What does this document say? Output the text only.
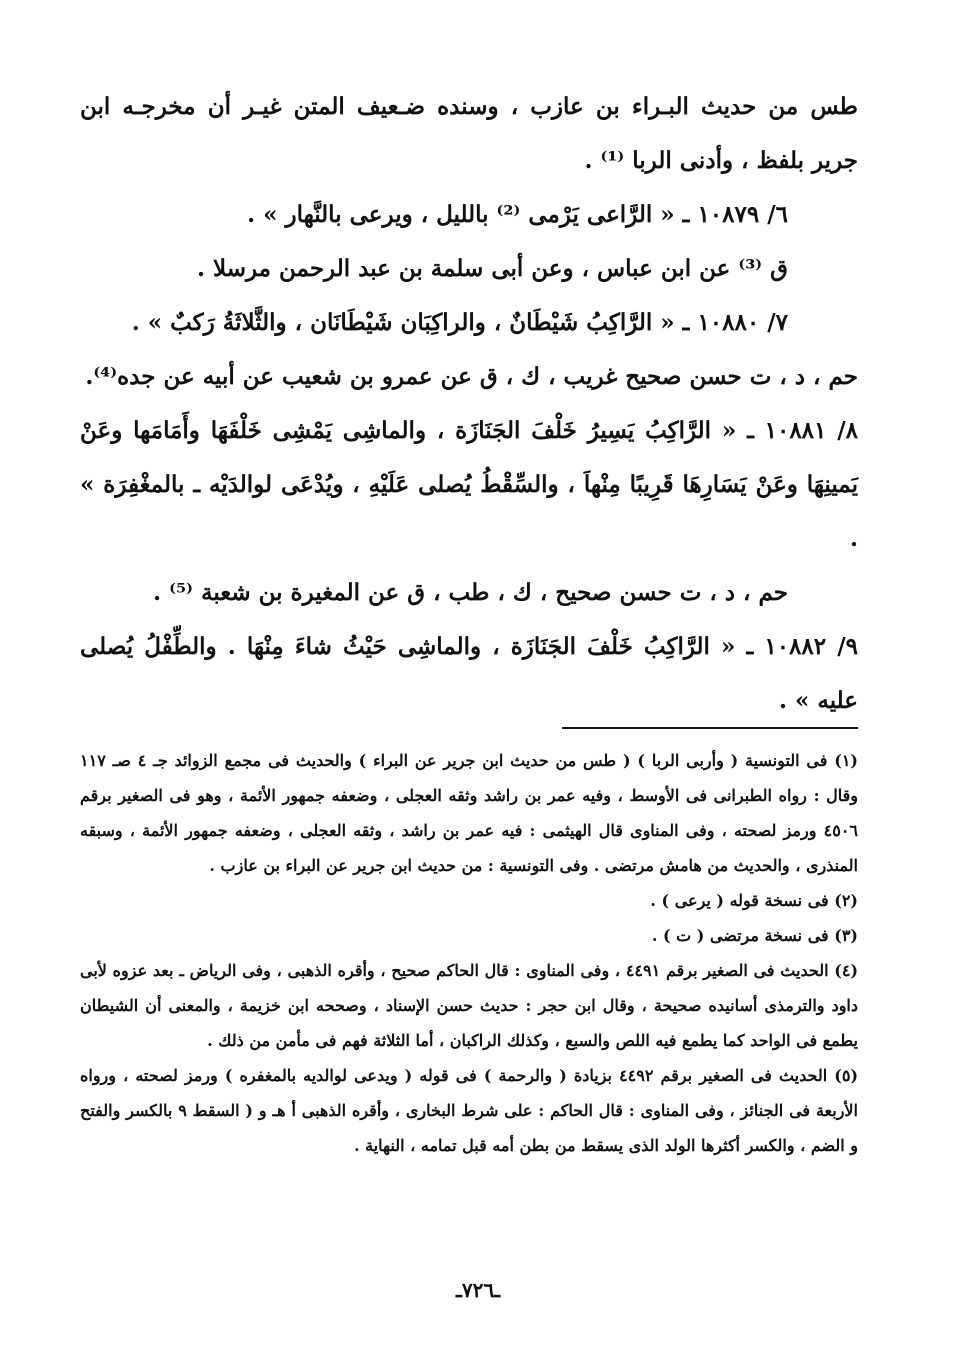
طس من حديث البـراء بن عازب ، وسنده ضـعيف المتن غيـر أن مخرجـه ابن جرير بلفظ ، وأدنى الربا ⁽¹⁾ .

٦/ ١٠٨٧٩ ـ « الرَّاعى يَرْمى ⁽²⁾ بالليل ، ويرعى بالنَّهار » .

ق ⁽³⁾ عن ابن عباس ، وعن أبى سلمة بن عبد الرحمن مرسلا .

٧/ ١٠٨٨٠ ـ « الرَّاكِبُ شَيْطَانٌ ، والراكِبَان شَيْطَانَان ، والثَّلاثَةُ رَكبٌ » .

حم ، د ، ت حسن صحيح غريب ، ك ، ق عن عمرو بن شعيب عن أبيه عن جده⁽⁴⁾.

٨/ ١٠٨٨١ ـ « الرَّاكِبُ يَسِيرُ خَلْفَ الجَنَازَة ، والماشِى يَمْشِى خَلْفَهَا وأَمَامَها وعَنْ يَمينِهَا وعَنْ يَسَارِهَا قَرِيبًا مِنْهاَ ، والسِّقْطُ يُصلى عَلَيْهِ ، ويُدْعَى لوالدَيْه ـ بالمغْفِرَة » .

حم ، د ، ت حسن صحيح ، ك ، طب ، ق عن المغيرة بن شعبة ⁽⁵⁾ .

٩/ ١٠٨٨٢ ـ « الرَّاكِبُ خَلْفَ الجَنَازَة ، والماشِى حَيْثُ شاءَ مِنْهَا . والطِّفْلُ يُصلى عليه » .

(١) فى التونسية ( وأربى الربا ) ( طس من حديث ابن جرير عن البراء ) والحديث فى مجمع الزوائد جـ ٤ صـ ١١٧ وقال : رواه الطبرانى فى الأوسط ، وفيه عمر بن راشد وثقه العجلى ، وضعفه جمهور الأئمة ، وهو فى الصغير برقم ٤٥٠٦ ورمز لصحته ، وفى المناوى قال الهيثمى : فيه عمر بن راشد ، وثقه العجلى ، وضعفه جمهور الأئمة ، وسبقه المنذرى ، والحديث من هامش مرتضى . وفى التونسية : من حديث ابن جرير عن البراء بن عازب .

(٢) فى نسخة قوله ( يرعى ) .

(٣) فى نسخة مرتضى ( ت ) .

(٤) الحديث فى الصغير برقم ٤٤٩١ ، وفى المناوى : قال الحاكم صحيح ، وأقره الذهبى ، وفى الرياض ـ بعد عزوه لأبى داود والترمذى أسانيده صحيحة ، وقال ابن حجر : حديث حسن الإسناد ، وصححه ابن خزيمة ، والمعنى أن الشيطان يطمع فى الواحد كما يطمع فيه اللص والسبع ، وكذلك الراكبان ، أما الثلاثة فهم فى مأمن من ذلك .

(٥) الحديث فى الصغير برقم ٤٤٩٢ بزيادة ( والرحمة ) فى قوله ( ويدعى لوالديه بالمغفره ) ورمز لصحته ، ورواه الأربعة فى الجنائز ، وفى المناوى : قال الحاكم : على شرط البخارى ، وأقره الذهبى أ هـ و ( السقط ٩ بالكسر والفتح و الضم ، والكسر أكثرها الولد الذى يسقط من بطن أمه قبل تمامه ، النهاية .

ـ٧٢٦ـ
